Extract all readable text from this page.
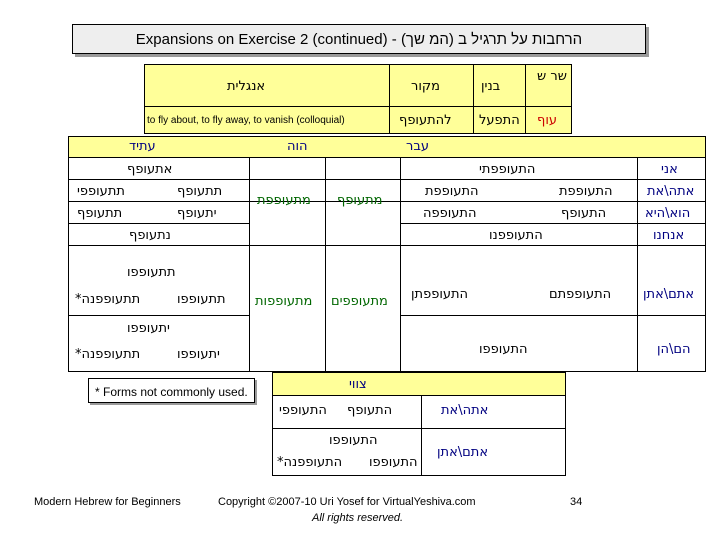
Expansions on Exercise 2 (continued) - הרחבות על תרגיל ב (המ שך)
שר ש
בנין
מקור
אנגלית
עוף
התפעל
להתעופף
to fly about, to fly away, to vanish (colloquial)
עבר
הוה
עתיד
אני
אתה\את
הוא\היא
אנחנו
אתם\אתן
הם\הן
התעופפתי
התעופפת
התעופפת
התעופף
התעופפה
התעופפנו
התעופפתם
התעופפתן
התעופפו
מתעופף
מתעופפת
מתעופפים
מתעופפות
אתעופף
תתעופף
תתעופפי
יתעופף
תתעופף
נתעופף
תתעופפו
תתעופפו
*תתעופפנה
יתעופפו
יתעופפו
*תתעופפנה
* Forms not commonly used.	צווי
אתה\את
התעופף
התעופפי
אתם\אתן
התעופפו
התעופפו
*התעופפנה
Modern Hebrew for Beginners	Copyright ©2007-10 Uri Yosef for VirtualYeshiva.com
All rights reserved.
34
